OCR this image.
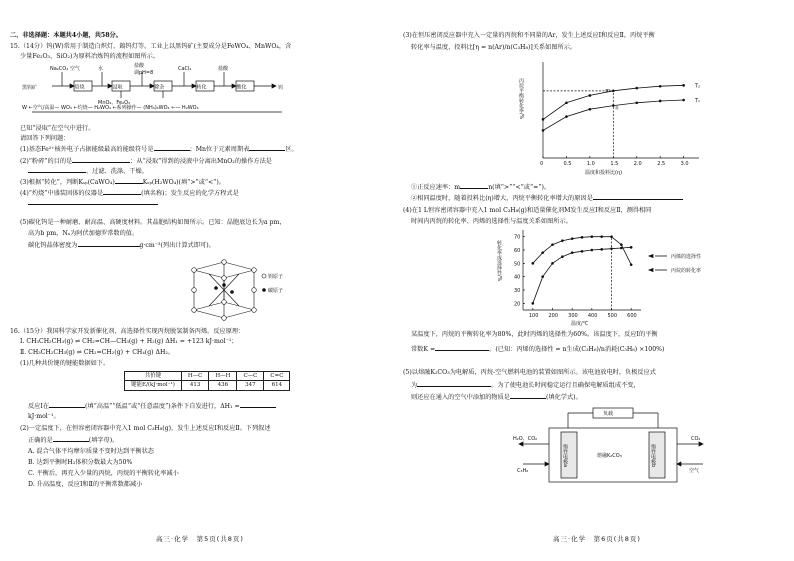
二、非选择题：本题共4小题，共58分。
15.（14分）钨(W)常用于制造白炽灯、鎢钨灯等。工业上以黑钨矿(主要成分是FeWO₄、MnWO₄，含
少量Fe₂O₃、SiO₂)为原料冶炼钨的流程如图所示。
黑钨矿	焙烧	浸取	除杂	转化	酸化	钨
Na₂CO₃ 空气	水	盐酸
调pH=8
CaCl₂	盐酸
MnO₂、Fe₂O₃
W ←空气/高温— WO₃ ←灼烧— H₂WO₄ ←系列操作— (NH₄)₆WO₄ ←— H₂WO₄
已知“浸取”在空气中进行。
请回答下列问题：
(1)基态Fe²⁺核外电子占据能级最高的能级符号是	；Mn位于元素周期表	区。
(2)“粉碎”的目的是	；从“浸取”得到的浸液中分离出MnO₂的操作方法是
、过滤、洗涤、干燥。
(3)根据“转化”，判断Kₛₚ(CaWO₄)	Kₛₚ(H₂WO₄)(填“>”或“<”)。
(4)“灼烧”中盛装固体的仪器是	(填名称)；发生反应的化学方程式是
(5)碳化钨是一种耐磨、耐高温、高硬度材料。其晶胞结构如图所示。已知：晶胞底边长为a pm，
高为b pm，Nₐ为阿伏加德罗常数的值。
碳化钨晶体密度为	g·cm⁻³(列出计算式即可)。
钨原子
碳原子
16.（15分）我国科学家开发新催化剂，高选择性实现丙烷脱氢制备丙烯。反应原理：
Ⅰ. CH₃CH₂CH₃(g) ⇌ CH₂=CH—CH₃(g) + H₂(g) ΔH₁ = +123 kJ·mol⁻¹；
Ⅱ. CH₃CH₂CH₃(g) ⇌ CH₂=CH₂(g) + CH₄(g) ΔH₂。
(1)几种共价键的键能数据如下。
共价键	H—C	H—H	C—C	C=C
键能E/(kJ·mol⁻¹)	413	436	347	614
反应Ⅰ在	(填“高温”“低温”或“任意温度”)条件下自发进行，ΔH₁ =
kJ·mol⁻¹。
(2)一定温度下，在恒容密闭容器中充入1 mol C₃H₈(g)，发生上述反应Ⅰ和反应Ⅱ。下列叙述
正确的是	(填字母)。
A. 混合气体平均摩尔质量不变时达到平衡状态
B. 达到平衡时H₂体积分数最大为50%
C. 平衡后，再充入少量的丙烷，丙烷的平衡转化率减小
D. 升高温度，反应Ⅰ和Ⅱ的平衡常数都减小
高三·化学　第5页(共8页)
(3)在恒压密闭反应器中充入一定量的丙烷和不同量的Ar，发生上述反应Ⅰ和反应Ⅱ，丙烷平衡
转化率与温度、投料比[η = n(Ar)/n(C₃H₈)]关系如图所示。
0	0.5	1.0	1.5	2.0	2.5	3.0
T₂
T₁
m
n
温度和投料比(η)
丙烷平衡转化率/%
①正反应速率：m	n(填“>”“<”或“=”)。
②相同温度时，随着投料比(η)增大，丙烷平衡转化率增大的原因是
(4)在1 L恒容密闭容器中充入1 mol C₃H₈(g)和适量催化剂M发生反应Ⅰ和反应Ⅱ，测得相同
时间内丙烷的转化率、丙烯的选择性与温度关系如图所示。
100 200 300 400 500 600
20
30
40
50
60
70
丙烯的选择性
丙烷的转化率
温度/℃
转化率或选择性/%
某温度下，丙烷的平衡转化率为80%，此时丙烯的选择性为60%。该温度下，反应Ⅰ的平衡
常数K =	。(已知：丙烯的选择性 = n生成(C₃H₆)/n消耗(C₃H₈) ×100%)
(5)以熔融K₂CO₃为电解质，丙烷-空气燃料电池的装置如图所示。该电池放电时，负极反应式
为	。为了使电池长时间稳定运行且确保电解质组成不变，
则还应在通入的空气中添加的物质是	(填化学式)。
负载
H₂O、CO₂
C₃H₈
熔融K₂CO₃
CO₂
空气
惰性电极a	惰性电极b
高三·化学　第6页(共8页)
